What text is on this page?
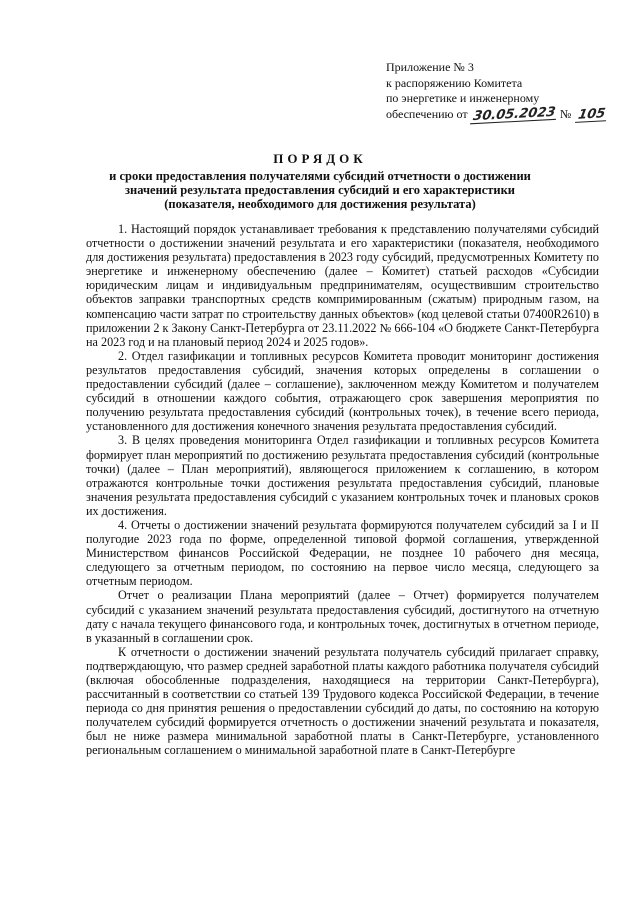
Приложение № 3
к распоряжению Комитета
по энергетике и инженерному
обеспечению от 30.05.2023 № 105
ПОРЯДОК
и сроки предоставления получателями субсидий отчетности о достижении
значений результата предоставления субсидий и его характеристики
(показателя, необходимого для достижения результата)

1. Настоящий порядок устанавливает требования к представлению получателями субсидий отчетности о достижении значений результата и его характеристики (показателя, необходимого для достижения результата) предоставления в 2023 году субсидий, предусмотренных Комитету по энергетике и инженерному обеспечению (далее – Комитет) статьей расходов «Субсидии юридическим лицам и индивидуальным предпринимателям, осуществившим строительство объектов заправки транспортных средств компримированным (сжатым) природным газом, на компенсацию части затрат по строительству данных объектов» (код целевой статьи 07400R2610) в приложении 2 к Закону Санкт-Петербурга от 23.11.2022 № 666-104 «О бюджете Санкт-Петербурга на 2023 год и на плановый период 2024 и 2025 годов».

2. Отдел газификации и топливных ресурсов Комитета проводит мониторинг достижения результатов предоставления субсидий, значения которых определены в соглашении о предоставлении субсидий (далее – соглашение), заключенном между Комитетом и получателем субсидий в отношении каждого события, отражающего срок завершения мероприятия по получению результата предоставления субсидий (контрольных точек), в течение всего периода, установленного для достижения конечного значения результата предоставления субсидий.

3. В целях проведения мониторинга Отдел газификации и топливных ресурсов Комитета формирует план мероприятий по достижению результата предоставления субсидий (контрольные точки) (далее – План мероприятий), являющегося приложением к соглашению, в котором отражаются контрольные точки достижения результата предоставления субсидий, плановые значения результата предоставления субсидий с указанием контрольных точек и плановых сроков их достижения.

4. Отчеты о достижении значений результата формируются получателем субсидий за I и II полугодие 2023 года по форме, определенной типовой формой соглашения, утвержденной Министерством финансов Российской Федерации, не позднее 10 рабочего дня месяца, следующего за отчетным периодом, по состоянию на первое число месяца, следующего за отчетным периодом.

Отчет о реализации Плана мероприятий (далее – Отчет) формируется получателем субсидий с указанием значений результата предоставления субсидий, достигнутого на отчетную дату с начала текущего финансового года, и контрольных точек, достигнутых в отчетном периоде, в указанный в соглашении срок.

К отчетности о достижении значений результата получатель субсидий прилагает справку, подтверждающую, что размер средней заработной платы каждого работника получателя субсидий (включая обособленные подразделения, находящиеся на территории Санкт-Петербурга), рассчитанный в соответствии со статьей 139 Трудового кодекса Российской Федерации, в течение периода со дня принятия решения о предоставлении субсидий до даты, по состоянию на которую получателем субсидий формируется отчетность о достижении значений результата и показателя, был не ниже размера минимальной заработной платы в Санкт-Петербурге, установленного региональным соглашением о минимальной заработной плате в Санкт-Петербурге
